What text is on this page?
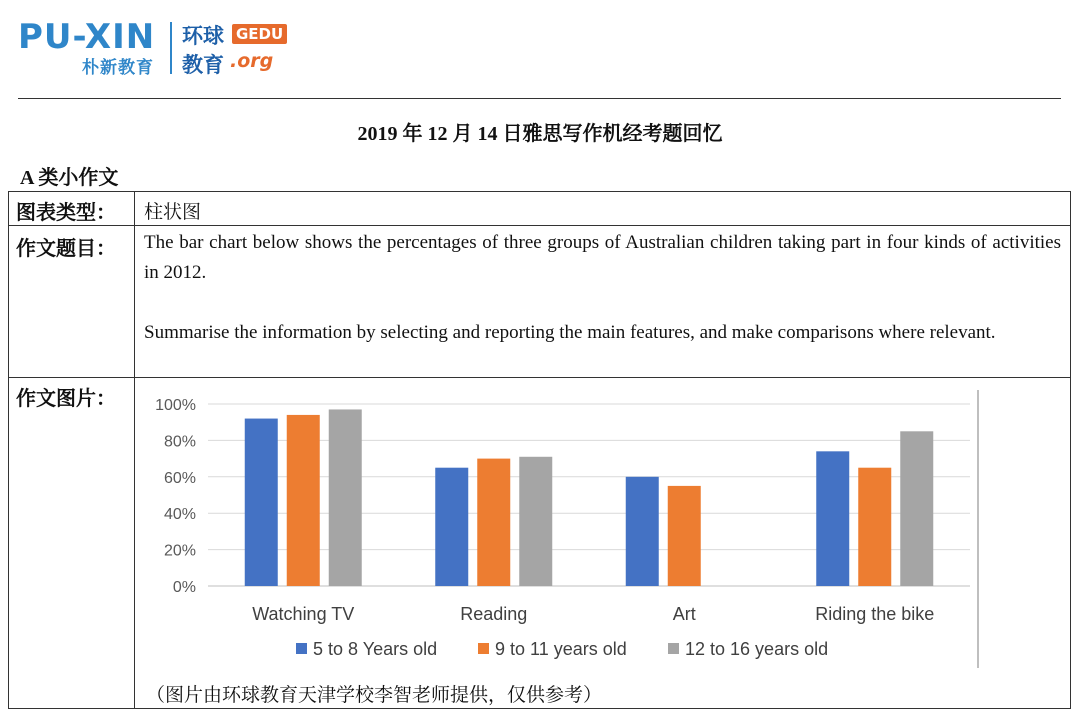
PU-XIN
朴新教育
环球
教育
GEDU
.org
2019 年 12 月 14 日雅思写作机经考题回忆
A 类小作文
图表类型： 柱状图
作文题目： The bar chart below shows the percentages of three groups of Australian children taking part in four kinds of activities in 2012.
Summarise the information by selecting and reporting the main features, and make comparisons where relevant.
作文图片：
0%
20%
40%
60%
80%
100%
Watching TV	Reading	Art	Riding the bike
5 to 8 Years old	9 to 11 years old	12 to 16 years old
（图片由环球教育天津学校李智老师提供，仅供参考）
